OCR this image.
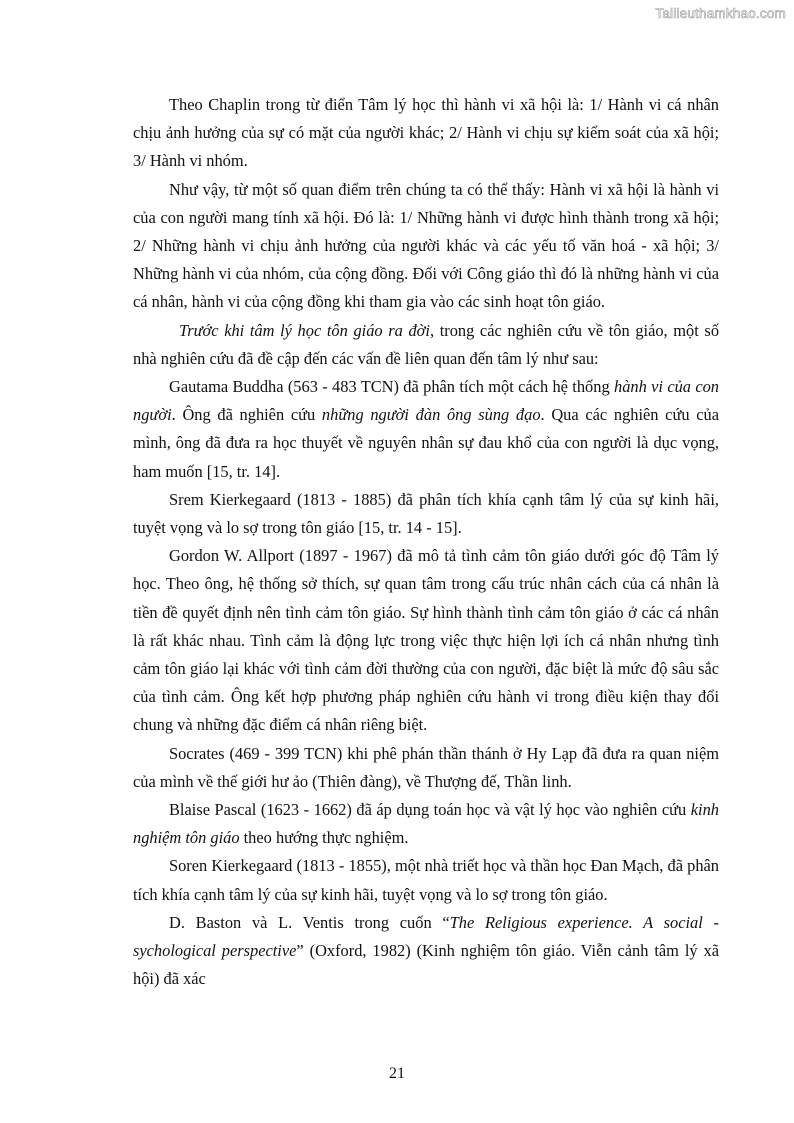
Tailieuthamkhao.com

Theo Chaplin trong từ điển Tâm lý học thì hành vi xã hội là: 1/ Hành vi cá nhân chịu ảnh hưởng của sự có mặt của người khác; 2/ Hành vi chịu sự kiểm soát của xã hội; 3/ Hành vi nhóm.

Như vậy, từ một số quan điểm trên chúng ta có thể thấy: Hành vi xã hội là hành vi của con người mang tính xã hội. Đó là: 1/ Những hành vi được hình thành trong xã hội; 2/ Những hành vi chịu ảnh hưởng của người khác và các yếu tố văn hoá - xã hội; 3/ Những hành vi của nhóm, của cộng đồng. Đối với Công giáo thì đó là những hành vi của cá nhân, hành vi của cộng đồng khi tham gia vào các sinh hoạt tôn giáo.

Trước khi tâm lý học tôn giáo ra đời, trong các nghiên cứu về tôn giáo, một số nhà nghiên cứu đã đề cập đến các vấn đề liên quan đến tâm lý như sau:

Gautama Buddha (563 - 483 TCN) đã phân tích một cách hệ thống hành vi của con người. Ông đã nghiên cứu những người đàn ông sùng đạo. Qua các nghiên cứu của mình, ông đã đưa ra học thuyết về nguyên nhân sự đau khổ của con người là dục vọng, ham muốn [15, tr. 14].

Srem Kierkegaard (1813 - 1885) đã phân tích khía cạnh tâm lý của sự kinh hãi, tuyệt vọng và lo sợ trong tôn giáo [15, tr. 14 - 15].

Gordon W. Allport (1897 - 1967) đã mô tả tình cảm tôn giáo dưới góc độ Tâm lý học. Theo ông, hệ thống sở thích, sự quan tâm trong cấu trúc nhân cách của cá nhân là tiền đề quyết định nên tình cảm tôn giáo. Sự hình thành tình cảm tôn giáo ở các cá nhân là rất khác nhau. Tình cảm là động lực trong việc thực hiện lợi ích cá nhân nhưng tình cảm tôn giáo lại khác với tình cảm đời thường của con người, đặc biệt là mức độ sâu sắc của tình cảm. Ông kết hợp phương pháp nghiên cứu hành vi trong điều kiện thay đổi chung và những đặc điểm cá nhân riêng biệt.

Socrates (469 - 399 TCN) khi phê phán thần thánh ở Hy Lạp đã đưa ra quan niệm của mình về thế giới hư ảo (Thiên đàng), về Thượng đế, Thần linh.

Blaise Pascal (1623 - 1662) đã áp dụng toán học và vật lý học vào nghiên cứu kinh nghiệm tôn giáo theo hướng thực nghiệm.

Soren Kierkegaard (1813 - 1855), một nhà triết học và thần học Đan Mạch, đã phân tích khía cạnh tâm lý của sự kinh hãi, tuyệt vọng và lo sợ trong tôn giáo.

D. Baston và L. Ventis trong cuốn “The Religious experience. A social - sychological perspective” (Oxford, 1982) (Kinh nghiệm tôn giáo. Viễn cảnh tâm lý xã hội) đã xác

21
